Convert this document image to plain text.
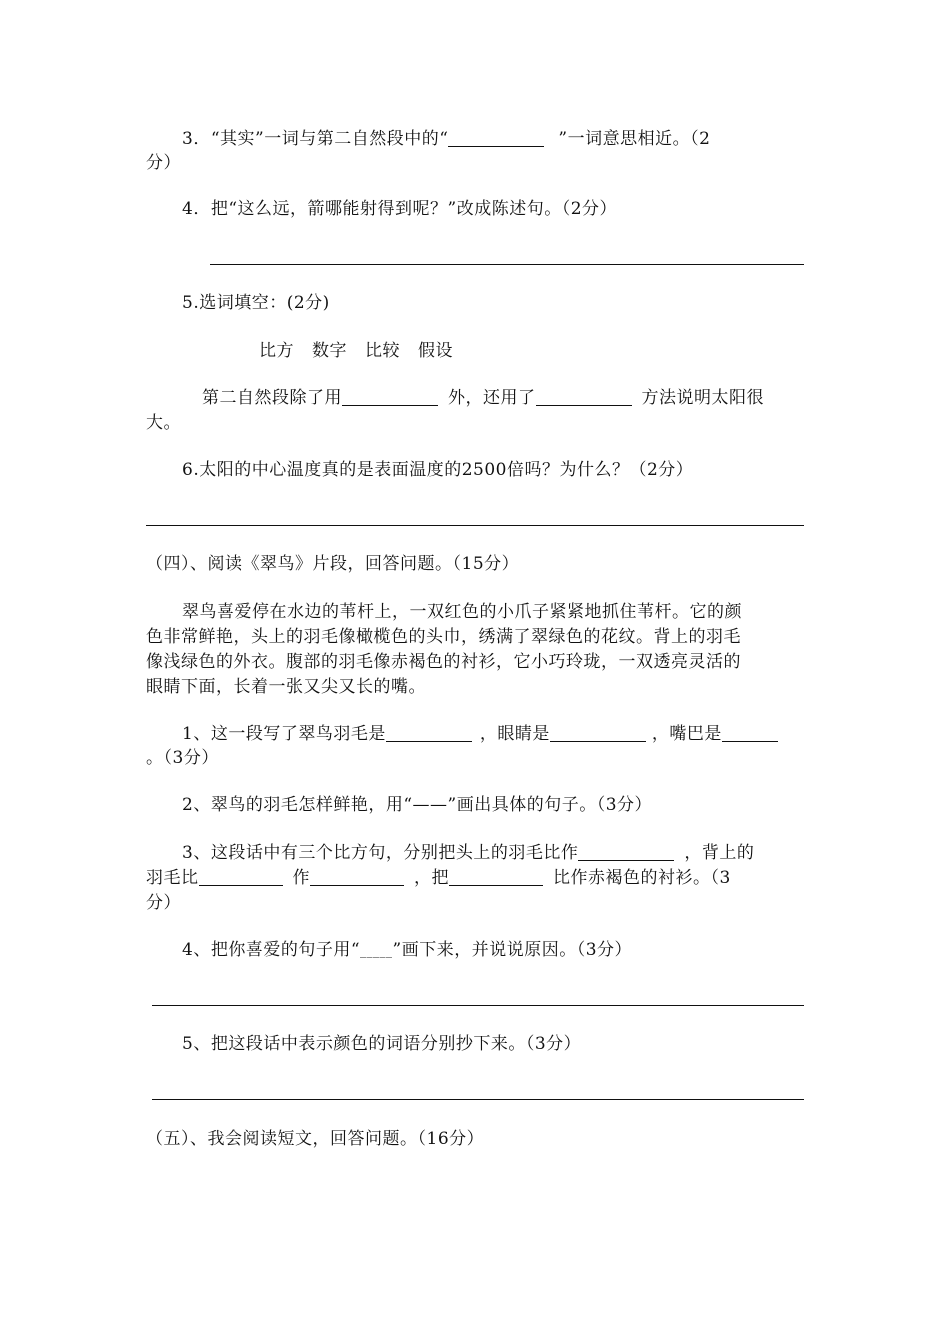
3．“其实”一词与第二自然段中的“	”一词意思相近。（2
分）
4．把“这么远，箭哪能射得到呢？”改成陈述句。（2分）
5.选词填空：(2分)
比方 数字 比较 假设
第二自然段除了用	外，还用了	方法说明太阳很
大。
6.太阳的中心温度真的是表面温度的2500倍吗？为什么？（2分）
（四）、阅读《翠鸟》片段，回答问题。（15分）
翠鸟喜爱停在水边的苇杆上，一双红色的小爪子紧紧地抓住苇杆。它的颜
色非常鲜艳，头上的羽毛像橄榄色的头巾，绣满了翠绿色的花纹。背上的羽毛
像浅绿色的外衣。腹部的羽毛像赤褐色的衬衫，它小巧玲珑，一双透亮灵活的
眼睛下面，长着一张又尖又长的嘴。
1、这一段写了翠鸟羽毛是	，眼睛是	，嘴巴是
。（3分）
2、翠鸟的羽毛怎样鲜艳，用“——”画出具体的句子。（3分）
3、这段话中有三个比方句，分别把头上的羽毛比作	，背上的
羽毛比	作	，把	比作赤褐色的衬衫。（3
分）
4、把你喜爱的句子用“_____”画下来，并说说原因。（3分）
5、把这段话中表示颜色的词语分别抄下来。（3分）
（五）、我会阅读短文，回答问题。（16分）
